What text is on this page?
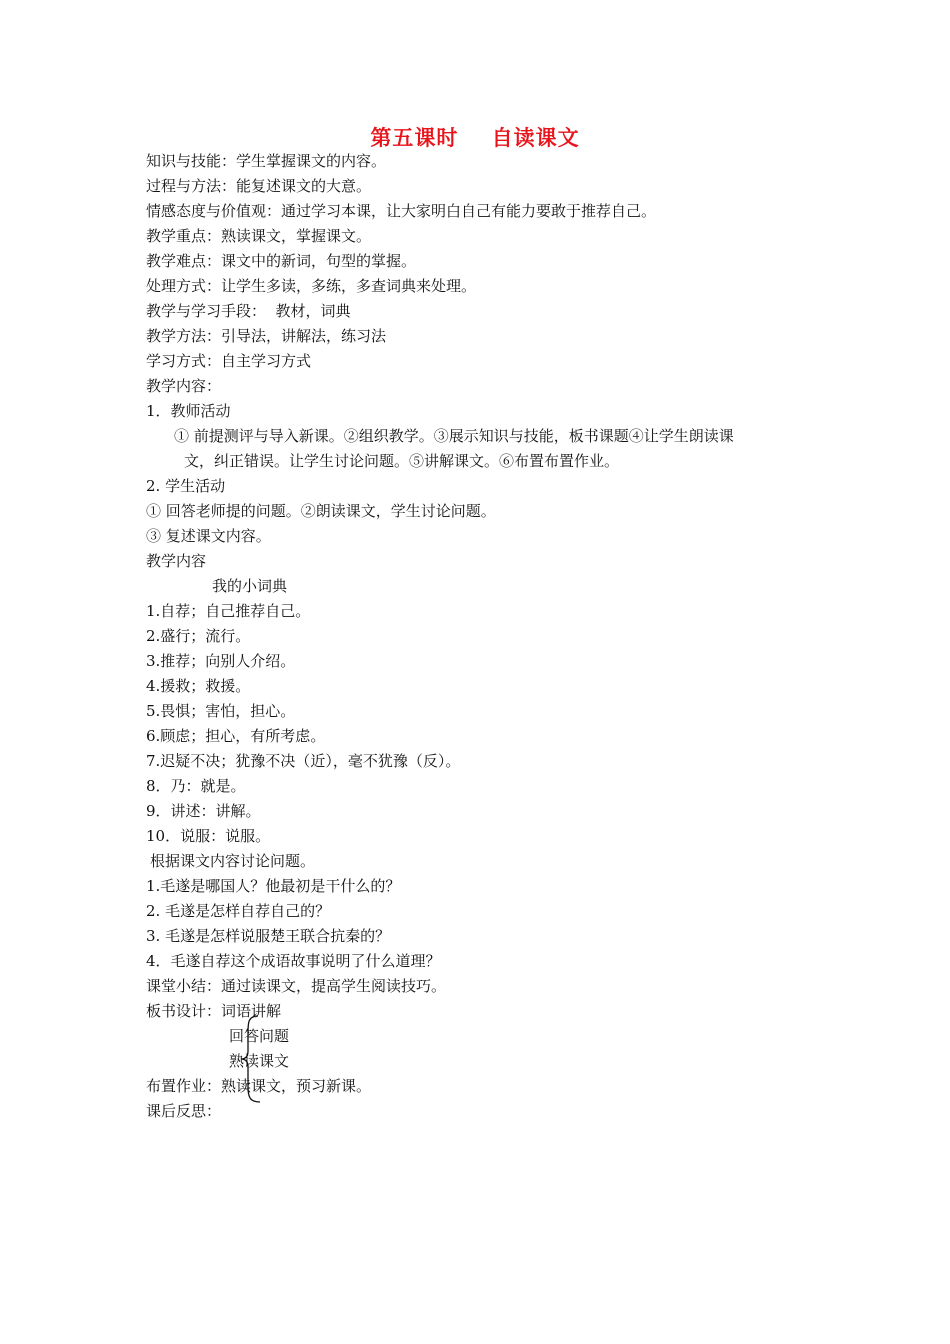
第五课时    自读课文
知识与技能：学生掌握课文的内容。
过程与方法：能复述课文的大意。
情感态度与价值观：通过学习本课，让大家明白自己有能力要敢于推荐自己。
教学重点：熟读课文，掌握课文。
教学难点：课文中的新词，句型的掌握。
处理方式：让学生多读，多练，多查词典来处理。
教学与学习手段：  教材，词典
教学方法：引导法，讲解法，练习法
学习方式：自主学习方式
教学内容：
1．教师活动
① 前提测评与导入新课。②组织教学。③展示知识与技能，板书课题④让学生朗读课
文，纠正错误。让学生讨论问题。⑤讲解课文。⑥布置布置作业。
2. 学生活动
① 回答老师提的问题。②朗读课文，学生讨论问题。
③ 复述课文内容。
教学内容
我的小词典
1.自荐；自己推荐自己。
2.盛行；流行。
3.推荐；向别人介绍。
4.援救；救援。
5.畏惧；害怕，担心。
6.顾虑；担心，有所考虑。
7.迟疑不决；犹豫不决（近），毫不犹豫（反）。
8．乃：就是。
9．讲述：讲解。
10．说服：说服。
根据课文内容讨论问题。
1.毛遂是哪国人？他最初是干什么的？
2. 毛遂是怎样自荐自己的？
3. 毛遂是怎样说服楚王联合抗秦的？
4．毛遂自荐这个成语故事说明了什么道理？
课堂小结：通过读课文，提高学生阅读技巧。
板书设计：词语讲解
回答问题
熟读课文
布置作业：熟读课文，预习新课。
课后反思：
